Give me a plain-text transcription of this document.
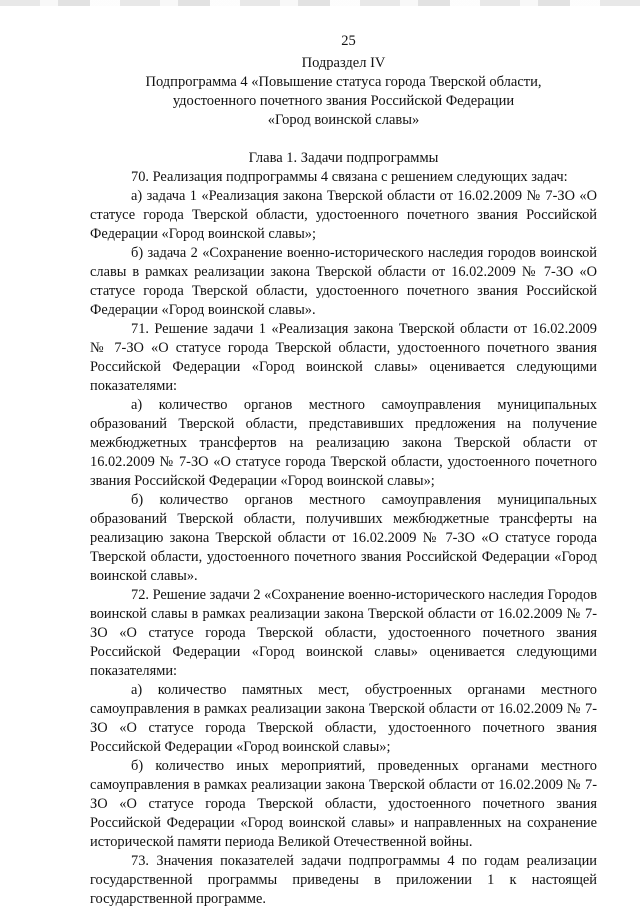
25
Подраздел IV
Подпрограмма 4 «Повышение статуса города Тверской области,
удостоенного почетного звания Российской Федерации
«Город воинской славы»
Глава 1. Задачи подпрограммы

70. Реализация подпрограммы 4 связана с решением следующих задач:

а) задача 1 «Реализация закона Тверской области от 16.02.2009 № 7-ЗО «О статусе города Тверской области, удостоенного почетного звания Российской Федерации «Город воинской славы»;

б) задача 2 «Сохранение военно-исторического наследия городов воинской славы в рамках реализации закона Тверской области от 16.02.2009 № 7-ЗО «О статусе города Тверской области, удостоенного почетного звания Российской Федерации «Город воинской славы».

71. Решение задачи 1 «Реализация закона Тверской области от 16.02.2009 № 7-ЗО «О статусе города Тверской области, удостоенного почетного звания Российской Федерации «Город воинской славы» оценивается следующими показателями:

а) количество органов местного самоуправления муниципальных образований Тверской области, представивших предложения на получение межбюджетных трансфертов на реализацию закона Тверской области от 16.02.2009 № 7-ЗО «О статусе города Тверской области, удостоенного почетного звания Российской Федерации «Город воинской славы»;

б) количество органов местного самоуправления муниципальных образований Тверской области, получивших межбюджетные трансферты на реализацию закона Тверской области от 16.02.2009 № 7-ЗО «О статусе города Тверской области, удостоенного почетного звания Российской Федерации «Город воинской славы».

72. Решение задачи 2 «Сохранение военно-исторического наследия Городов воинской славы в рамках реализации закона Тверской области от 16.02.2009 № 7-ЗО «О статусе города Тверской области, удостоенного почетного звания Российской Федерации «Город воинской славы» оценивается следующими показателями:

а) количество памятных мест, обустроенных органами местного самоуправления в рамках реализации закона Тверской области от 16.02.2009 № 7-ЗО «О статусе города Тверской области, удостоенного почетного звания Российской Федерации «Город воинской славы»;

б) количество иных мероприятий, проведенных органами местного самоуправления в рамках реализации закона Тверской области от 16.02.2009 № 7-ЗО «О статусе города Тверской области, удостоенного почетного звания Российской Федерации «Город воинской славы» и направленных на сохранение исторической памяти периода Великой Отечественной войны.

73. Значения показателей задачи подпрограммы 4 по годам реализации государственной программы приведены в приложении 1 к настоящей государственной программе.
